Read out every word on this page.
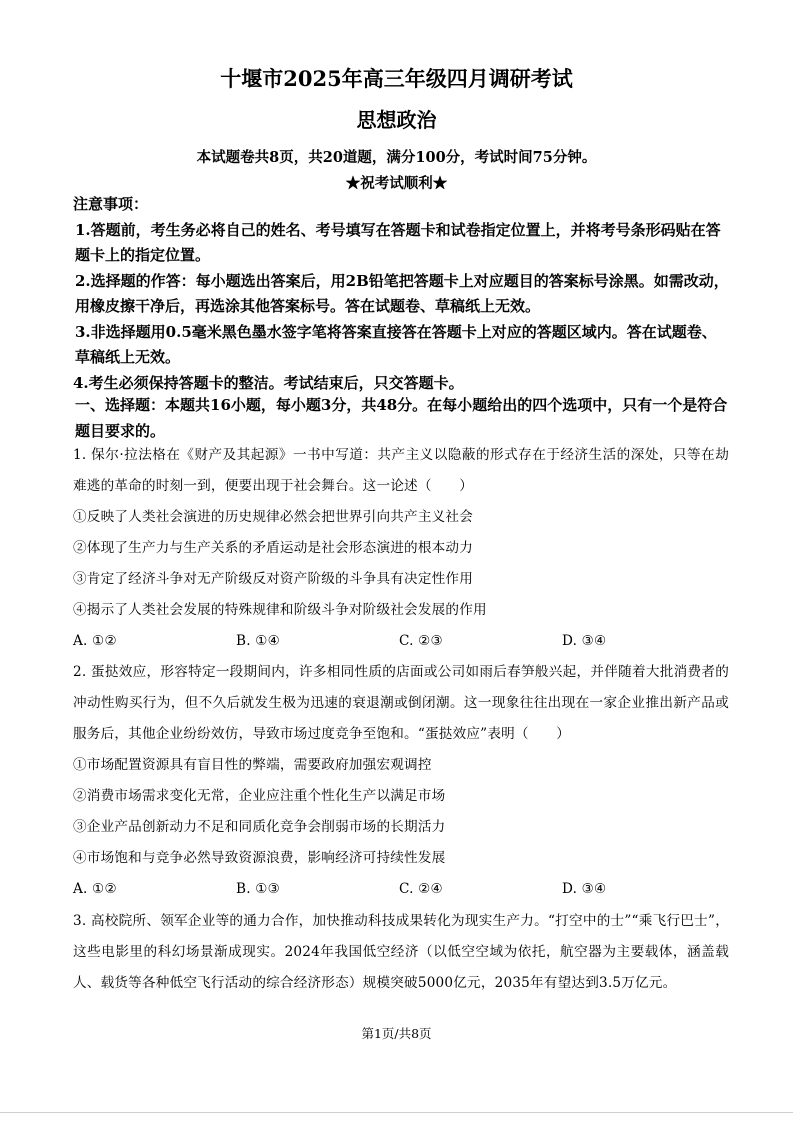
十堰市2025年高三年级四月调研考试
思想政治
本试题卷共8页，共20道题，满分100分，考试时间75分钟。
★祝考试顺利★

注意事项：

1.答题前，考生务必将自己的姓名、考号填写在答题卡和试卷指定位置上，并将考号条形码贴在答题卡上的指定位置。

2.选择题的作答：每小题选出答案后，用2B铅笔把答题卡上对应题目的答案标号涂黑。如需改动，用橡皮擦干净后，再选涂其他答案标号。答在试题卷、草稿纸上无效。

3.非选择题用0.5毫米黑色墨水签字笔将答案直接答在答题卡上对应的答题区域内。答在试题卷、草稿纸上无效。

4.考生必须保持答题卡的整洁。考试结束后，只交答题卡。

一、选择题：本题共16小题，每小题3分，共48分。在每小题给出的四个选项中，只有一个是符合题目要求的。

1. 保尔·拉法格在《财产及其起源》一书中写道：共产主义以隐蔽的形式存在于经济生活的深处，只等在劫难逃的革命的时刻一到，便要出现于社会舞台。这一论述（　　）

①反映了人类社会演进的历史规律必然会把世界引向共产主义社会

②体现了生产力与生产关系的矛盾运动是社会形态演进的根本动力

③肯定了经济斗争对无产阶级反对资产阶级的斗争具有决定性作用

④揭示了人类社会发展的特殊规律和阶级斗争对阶级社会发展的作用

A. ①②	B. ①④	C. ②③	D. ③④

2. 蛋挞效应，形容特定一段期间内，许多相同性质的店面或公司如雨后春笋般兴起，并伴随着大批消费者的冲动性购买行为，但不久后就发生极为迅速的衰退潮或倒闭潮。这一现象往往出现在一家企业推出新产品或服务后，其他企业纷纷效仿，导致市场过度竞争至饱和。“蛋挞效应”表明（　　）

①市场配置资源具有盲目性的弊端，需要政府加强宏观调控

②消费市场需求变化无常，企业应注重个性化生产以满足市场

③企业产品创新动力不足和同质化竞争会削弱市场的长期活力

④市场饱和与竞争必然导致资源浪费，影响经济可持续性发展

A. ①②	B. ①③	C. ②④	D. ③④

3. 高校院所、领军企业等的通力合作，加快推动科技成果转化为现实生产力。“打空中的士”“乘飞行巴士”，这些电影里的科幻场景渐成现实。2024年我国低空经济（以低空空域为依托，航空器为主要载体，涵盖载人、载货等各种低空飞行活动的综合经济形态）规模突破5000亿元，2035年有望达到3.5万亿元。

第1页/共8页
